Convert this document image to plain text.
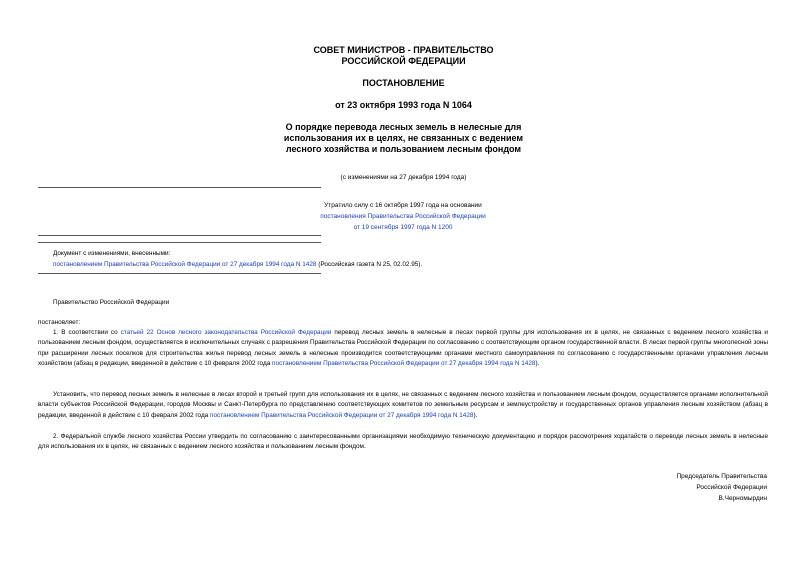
СОВЕТ МИНИСТРОВ - ПРАВИТЕЛЬСТВО
РОССИЙСКОЙ ФЕДЕРАЦИИ
ПОСТАНОВЛЕНИЕ
от 23 октября 1993 года N 1064
О порядке перевода лесных земель в нелесные для
использования их в целях, не связанных с ведением
лесного хозяйства и пользованием лесным фондом
(с изменениями на 27 декабря 1994 года)
Утратило силу с 16 октября 1997 года на основании
постановления Правительства Российской Федерации
от 19 сентября 1997 года N 1200
Документ с изменениями, внесенными:
постановлением Правительства Российской Федерации от 27 декабря 1994 года N 1428 (Российская газета N 25, 02.02.95).
Правительство Российской Федерации
постановляет:
1. В соответствии со статьей 22 Основ лесного законодательства Российской Федерации перевод лесных земель в нелесные в лесах первой группы для использования их в целях, не связанных с ведением лесного хозяйства и пользованием лесным фондом, осуществляется в исключительных случаях с разрешения Правительства Российской Федерации по согласованию с соответствующим органом государственной власти. В лесах первой группы многолесной зоны при расширении лесных поселков для строительства жилья перевод лесных земель в нелесные производится соответствующими органами местного самоуправления по согласованию с государственными органами управления лесным хозяйством (абзац в редакции, введенной в действие с 10 февраля 2002 года постановлением Правительства Российской Федерации от 27 декабря 1994 года N 1428).
Установить, что перевод лесных земель в нелесные в лесах второй и третьей групп для использования их в целях, не связанных с ведением лесного хозяйства и пользованием лесным фондом, осуществляется органами исполнительной власти субъектов Российской Федерации, городов Москвы и Санкт-Петербурга по представлению соответствующих комитетов по земельным ресурсам и землеустройству и государственных органов управления лесным хозяйством (абзац в редакции, введенной в действие с 10 февраля 2002 года постановлением Правительства Российской Федерации от 27 декабря 1994 года N 1428).
2. Федеральной службе лесного хозяйства России утвердить по согласованию с заинтересованными организациями необходимую техническую документацию и порядок рассмотрения ходатайств о переводе лесных земель в нелесные для использования их в целях, не связанных с ведением лесного хозяйства и пользованием лесным фондом.
Председатель Правительства
Российской Федерации
В.Черномырдин
